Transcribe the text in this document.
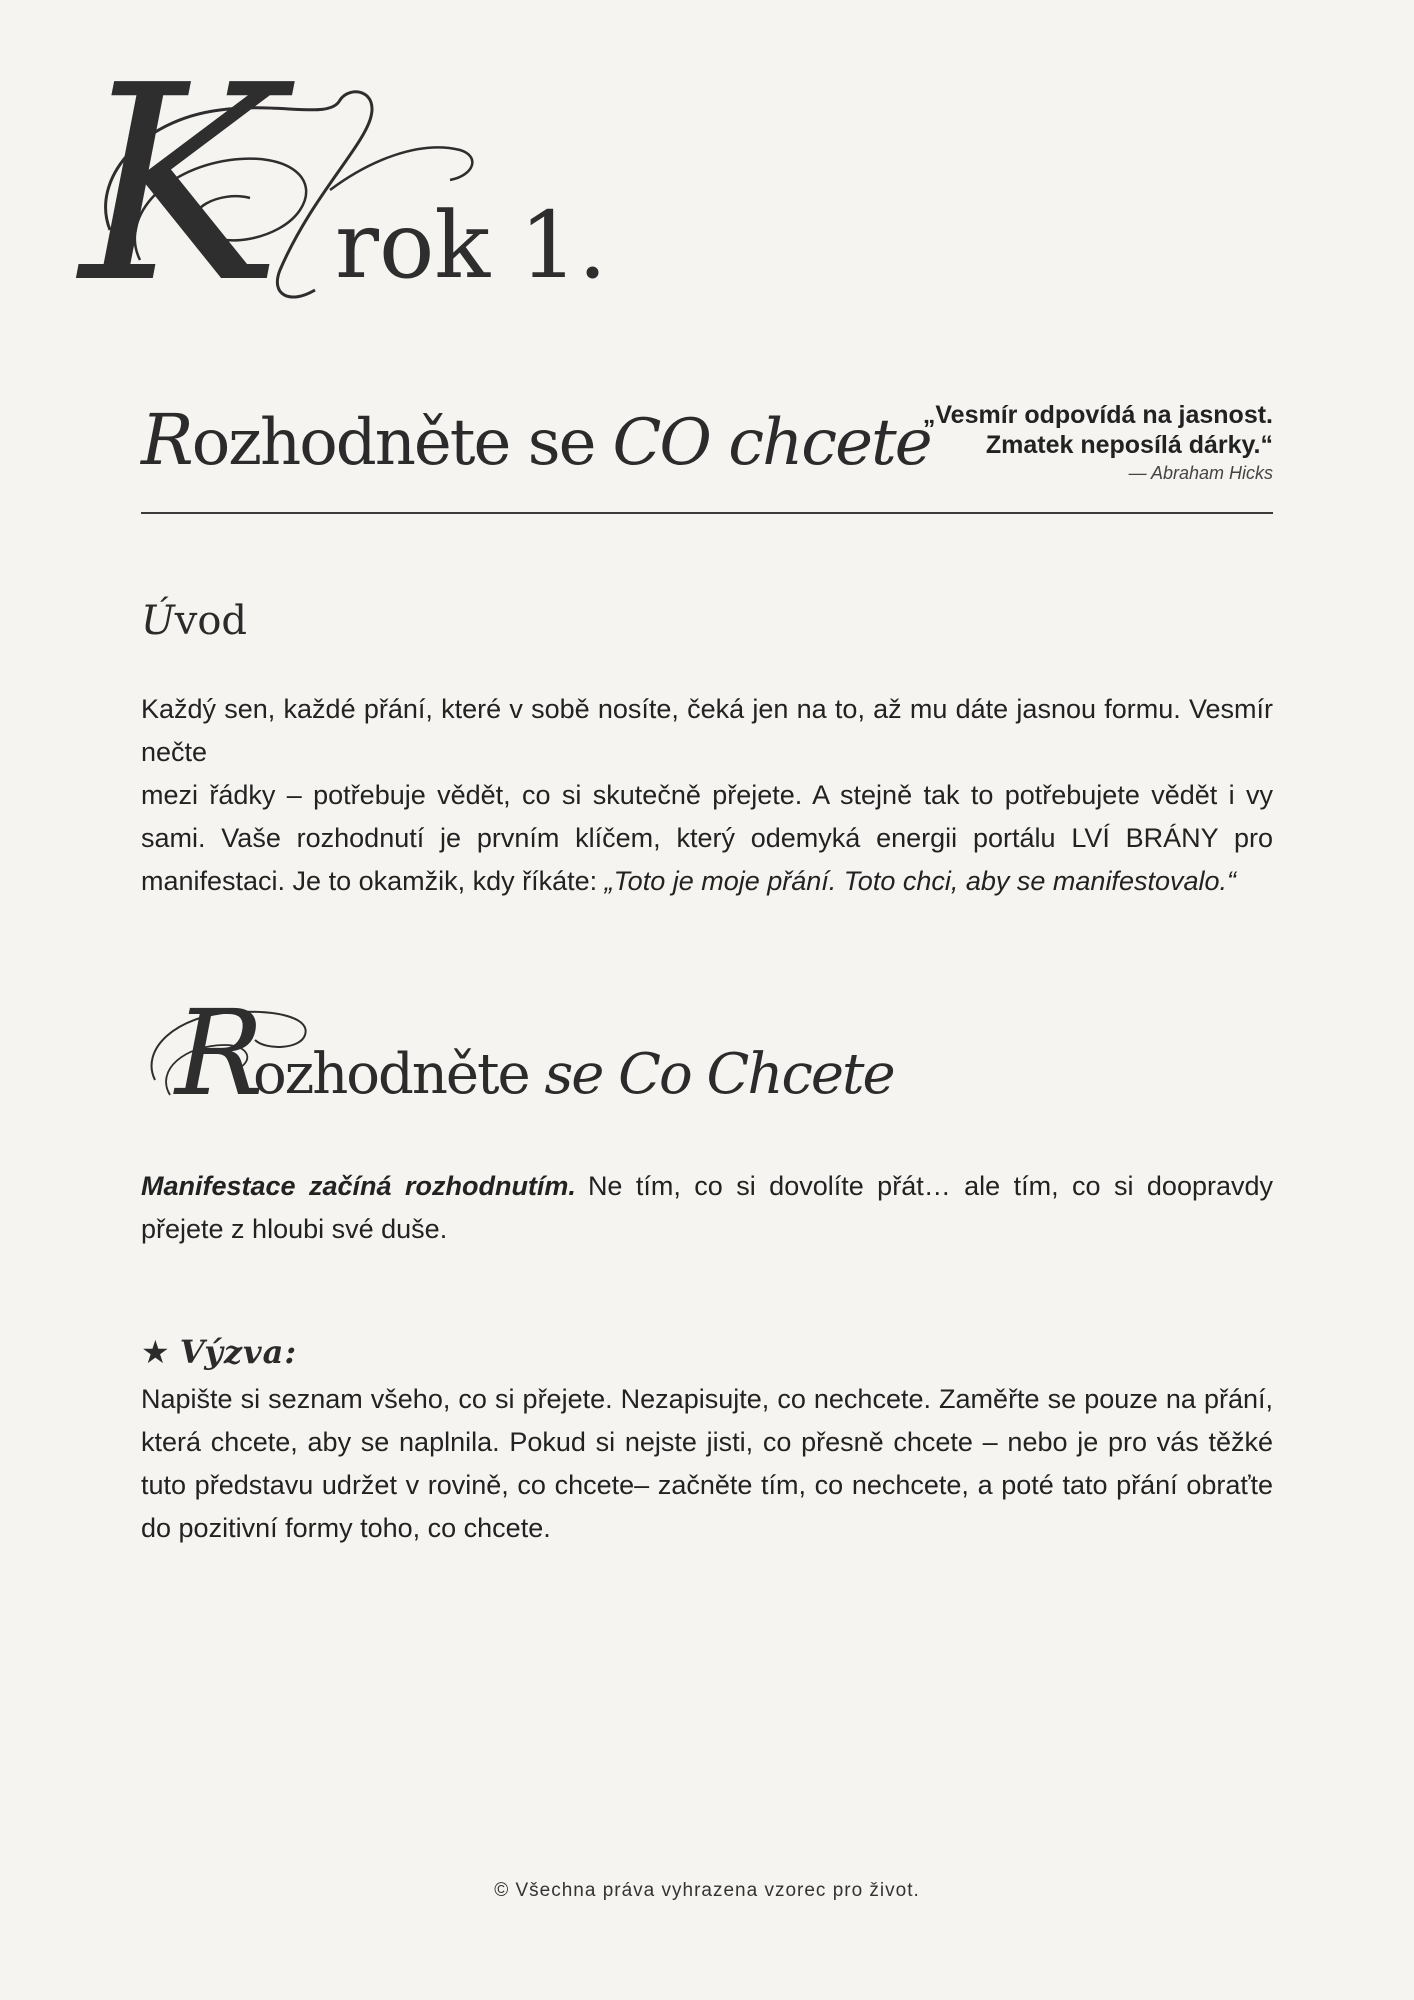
K rok 1.
Rozhodněte se CO chcete
„Vesmír odpovídá na jasnost.
Zmatek neposílá dárky.“
— Abraham Hicks
Úvod
Každý sen, každé přání, které v sobě nosíte, čeká jen na to, až mu dáte jasnou formu. Vesmír nečte
mezi řádky – potřebuje vědět, co si skutečně přejete. A stejně tak to potřebujete vědět i vy sami. Vaše rozhodnutí je prvním klíčem, který odemyká energii portálu LVÍ BRÁNY pro manifestaci. Je to okamžik, kdy říkáte: „Toto je moje přání. Toto chci, aby se manifestovalo.“
R
ozhodněte se Co Chcete
Manifestace začíná rozhodnutím. Ne tím, co si dovolíte přát… ale tím, co si doopravdy přejete z hloubi své duše.
★ Výzva:
Napište si seznam všeho, co si přejete. Nezapisujte, co nechcete. Zaměřte se pouze na přání, která chcete, aby se naplnila. Pokud si nejste jisti, co přesně chcete – nebo je pro vás těžké tuto představu udržet v rovině, co chcete– začněte tím, co nechcete, a poté tato přání obraťte do pozitivní formy toho, co chcete.
© Všechna práva vyhrazena vzorec pro život.
